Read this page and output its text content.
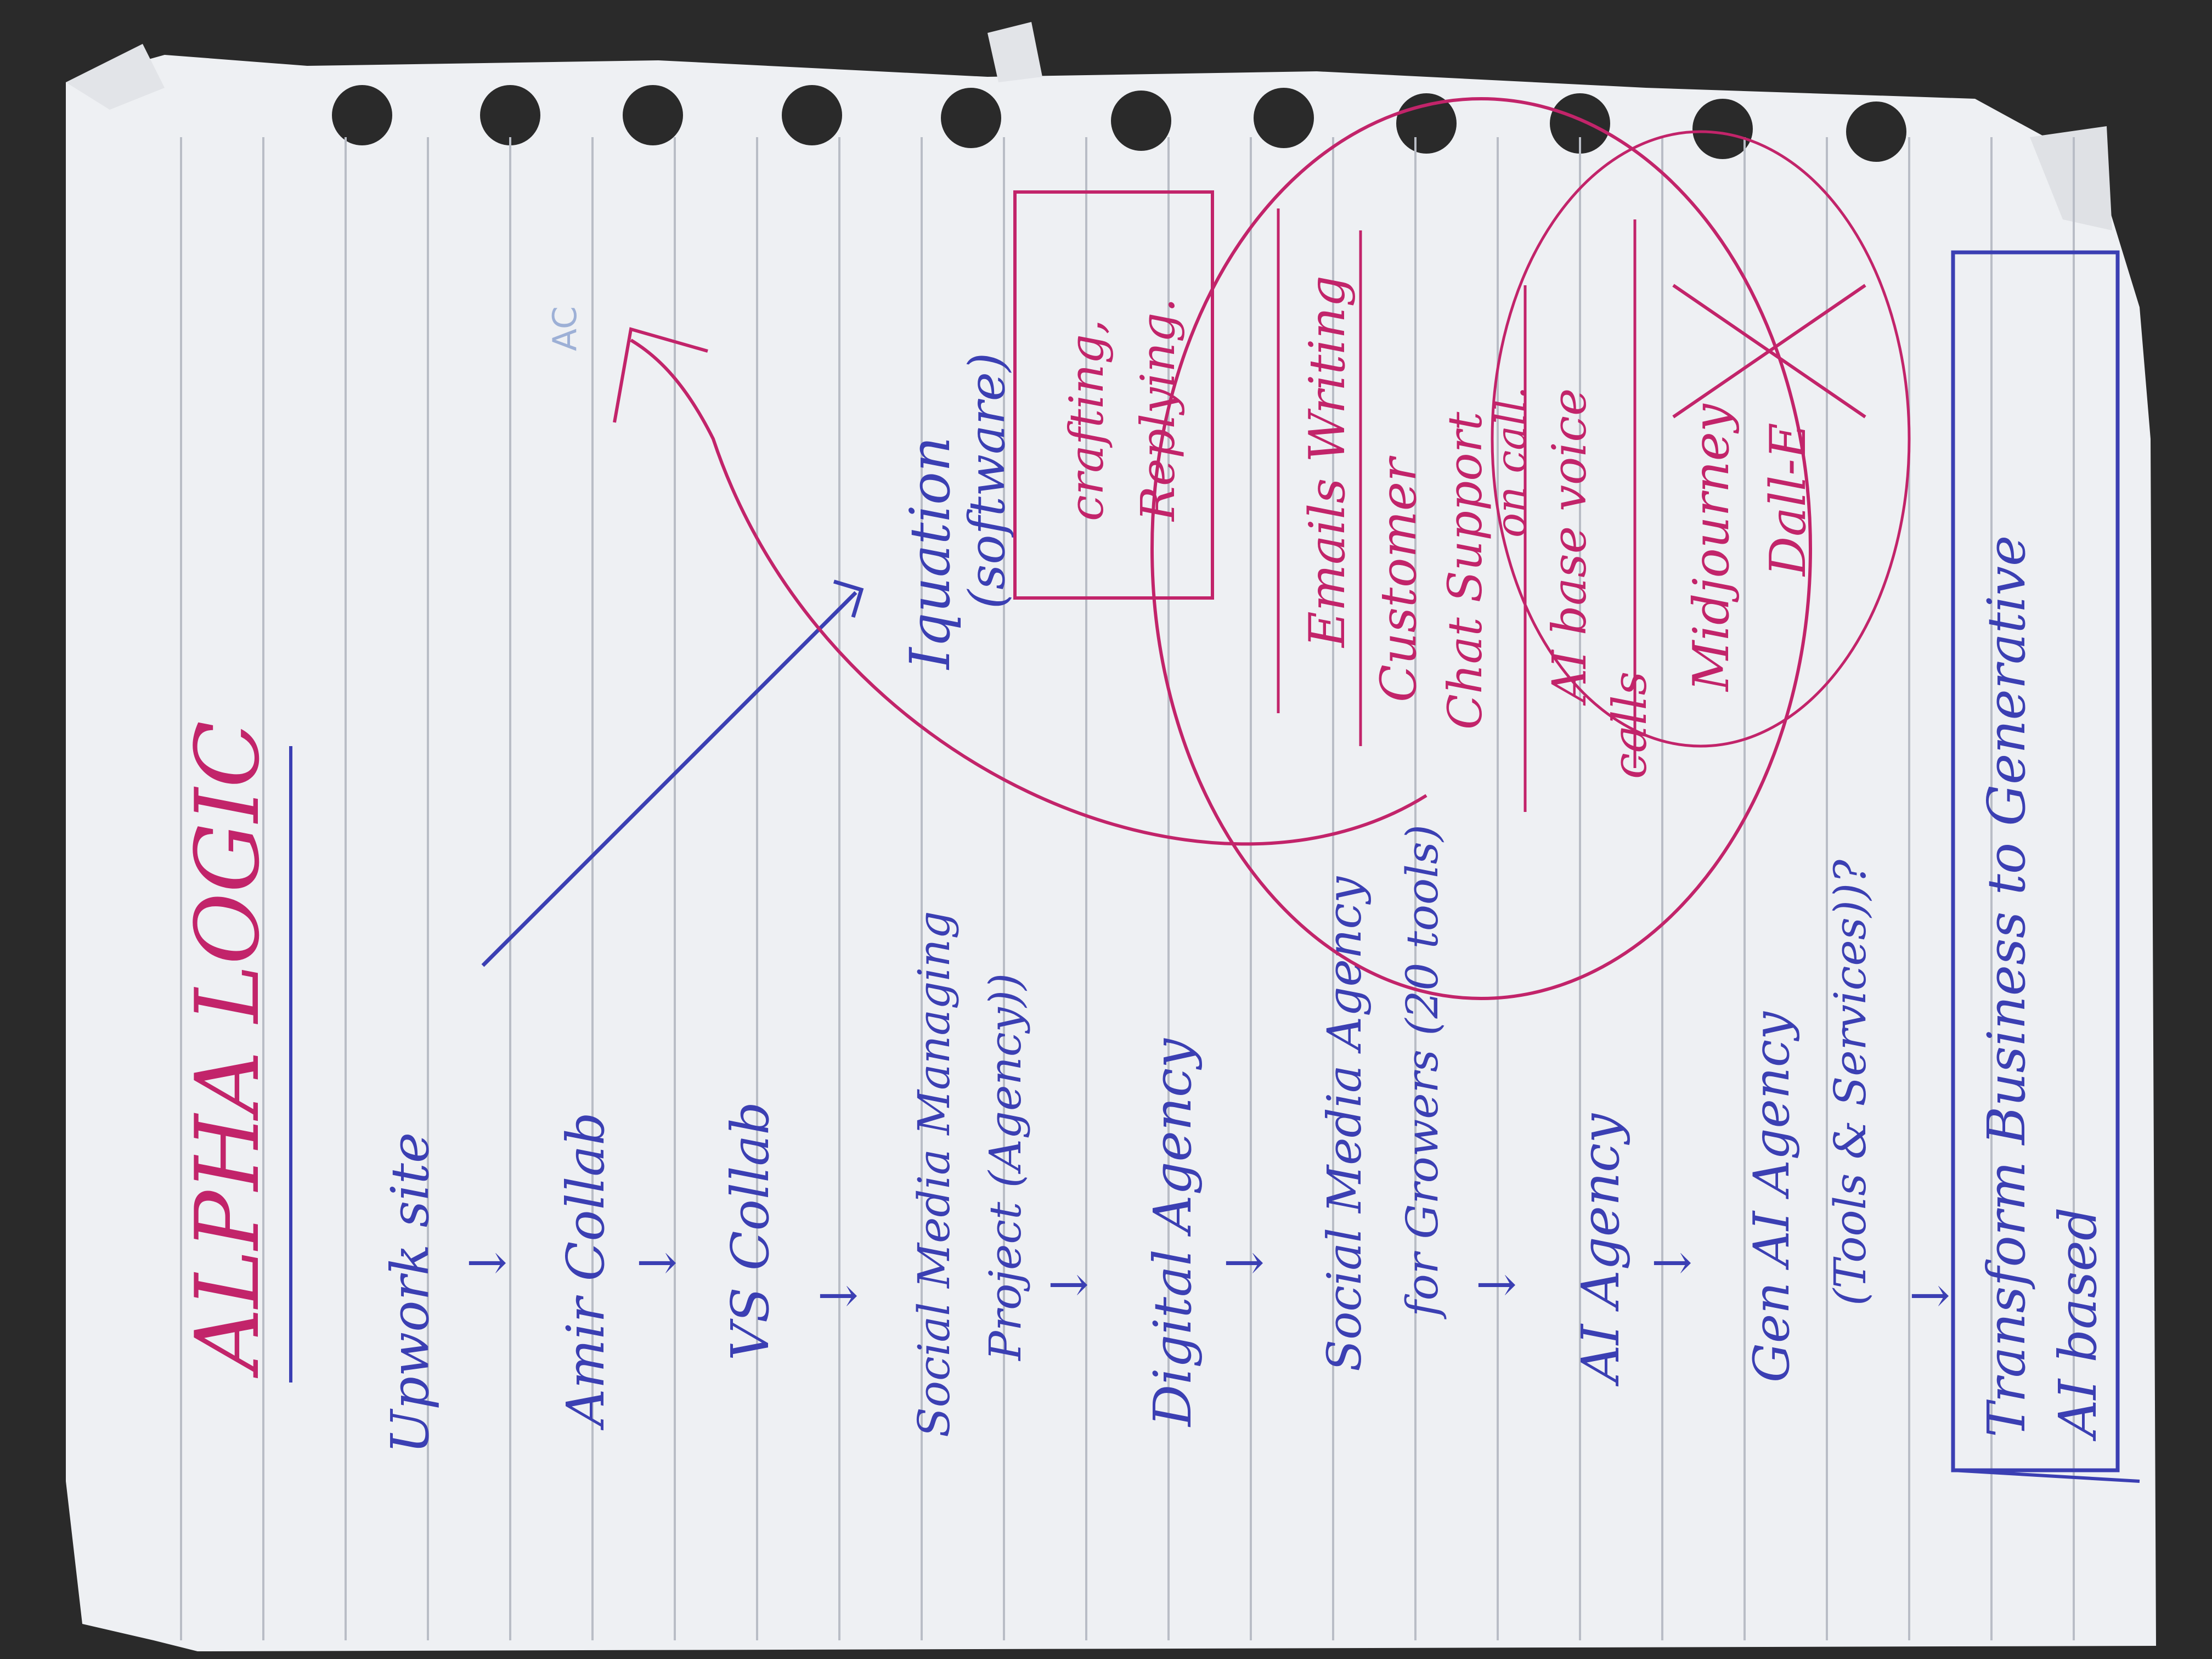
ALPHA LOGIC Upwork site ↓ Amir Collab ↓ VS Collab ↓ Social Media Managing Project (Agency)) ↓ Digital Agency ↓ Social Media Agency for Growers (20 tools) ↓ AI Agency ↓ Gen AI Agency (Tools & Services))? ↓
Iquation
(software) crafting, Replying. Emails Writing Customer Chat Support
on call. AI base voice
calls
Midjourney Dall-E
AC
Transform Business to Generative AI based
